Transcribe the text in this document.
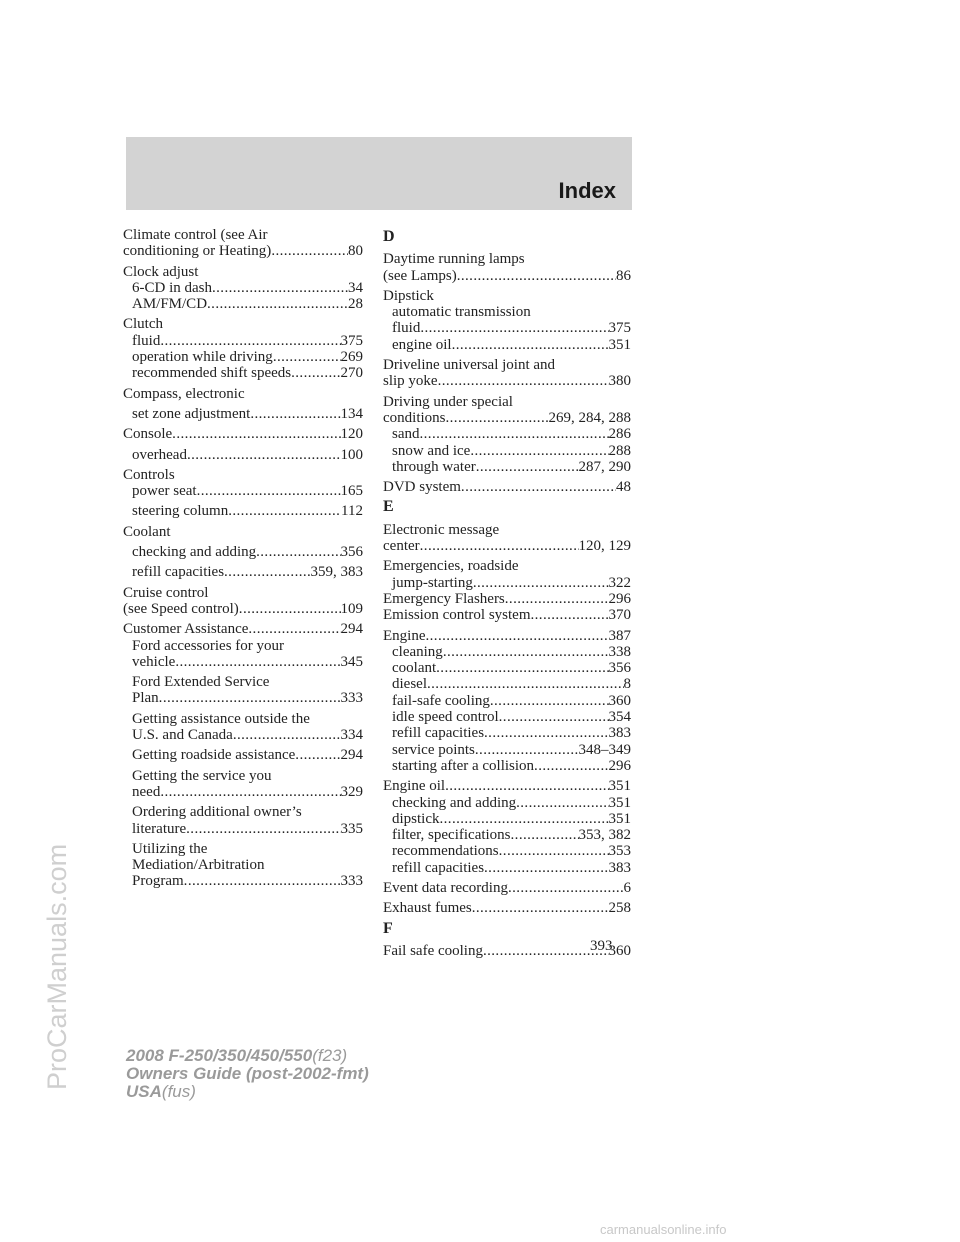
Index
Climate control (see Air
conditioning or Heating) .....	80
Clock adjust
6-CD in dash .....	34
AM/FM/CD .....	28
Clutch
fluid .....	375
operation while driving .....	269
recommended shift speeds .....	270
Compass, electronic
set zone adjustment .....	134
Console .....	120
overhead .....	100
Controls
power seat .....	165
steering column .....	112
Coolant
checking and adding .....	356
refill capacities .....	359, 383
Cruise control
(see Speed control) .....	109
Customer Assistance .....	294
Ford accessories for your
vehicle .....	345
Ford Extended Service
Plan .....	333
Getting assistance outside the
U.S. and Canada .....	334
Getting roadside assistance .....	294
Getting the service you
need .....	329
Ordering additional owner’s
literature .....	335
Utilizing the
Mediation/Arbitration
Program .....	333
D
Daytime running lamps
(see Lamps) .....	86
Dipstick
automatic transmission
fluid .....	375
engine oil .....	351
Driveline universal joint and
slip yoke .....	380
Driving under special
conditions .....	269, 284, 288
sand .....	286
snow and ice .....	288
through water .....	287, 290
DVD system .....	48
E
Electronic message
center .....	120, 129
Emergencies, roadside
jump-starting .....	322
Emergency Flashers .....	296
Emission control system .....	370
Engine .....	387
cleaning .....	338
coolant .....	356
diesel .....	8
fail-safe cooling .....	360
idle speed control .....	354
refill capacities .....	383
service points .....	348–349
starting after a collision .....	296
Engine oil .....	351
checking and adding .....	351
dipstick .....	351
filter, specifications .....	353, 382
recommendations .....	353
refill capacities .....	383
Event data recording .....	6
Exhaust fumes .....	258
F
Fail safe cooling .....	360
393
2008 F-250/350/450/550(f23)
Owners Guide (post-2002-fmt)
USA(fus)
ProCarManuals.com
carmanualsonline.info
